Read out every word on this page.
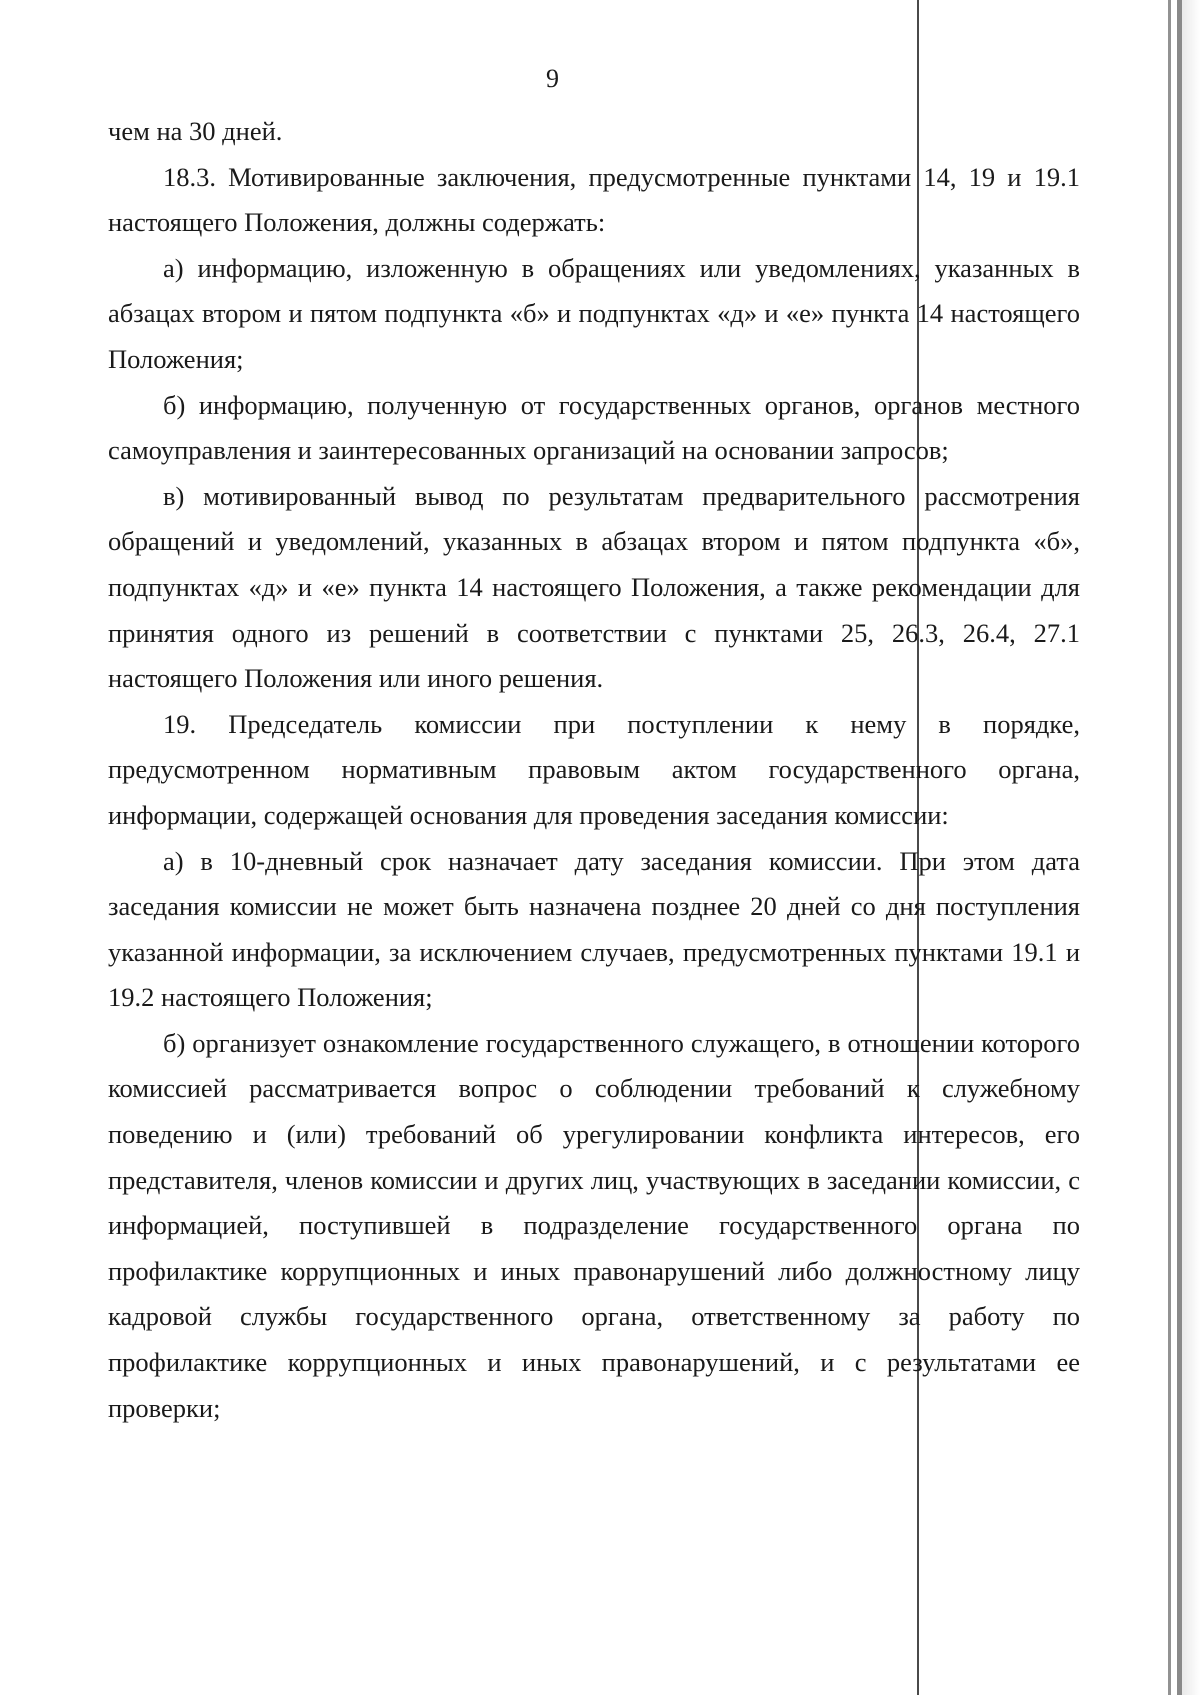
9

чем на 30 дней.

18.3. Мотивированные заключения, предусмотренные пунктами 14, 19 и 19.1 настоящего Положения, должны содержать:

а) информацию, изложенную в обращениях или уведомлениях, указанных в абзацах втором и пятом подпункта «б» и подпунктах «д» и «е» пункта 14 настоящего Положения;

б) информацию, полученную от государственных органов, органов местного самоуправления и заинтересованных организаций на основании запросов;

в) мотивированный вывод по результатам предварительного рассмотрения обращений и уведомлений, указанных в абзацах втором и пятом подпункта «б», подпунктах «д» и «е» пункта 14 настоящего Положения, а также рекомендации для принятия одного из решений в соответствии с пунктами 25, 26.3, 26.4, 27.1 настоящего Положения или иного решения.

19. Председатель комиссии при поступлении к нему в порядке, предусмотренном нормативным правовым актом государственного органа, информации, содержащей основания для проведения заседания комиссии:

а) в 10-дневный срок назначает дату заседания комиссии. При этом дата заседания комиссии не может быть назначена позднее 20 дней со дня поступления указанной информации, за исключением случаев, предусмотренных пунктами 19.1 и 19.2 настоящего Положения;

б) организует ознакомление государственного служащего, в отношении которого комиссией рассматривается вопрос о соблюдении требований к служебному поведению и (или) требований об урегулировании конфликта интересов, его представителя, членов комиссии и других лиц, участвующих в заседании комиссии, с информацией, поступившей в подразделение государственного органа по профилактике коррупционных и иных правонарушений либо должностному лицу кадровой службы государственного органа, ответственному за работу по профилактике коррупционных и иных правонарушений, и с результатами ее проверки;
